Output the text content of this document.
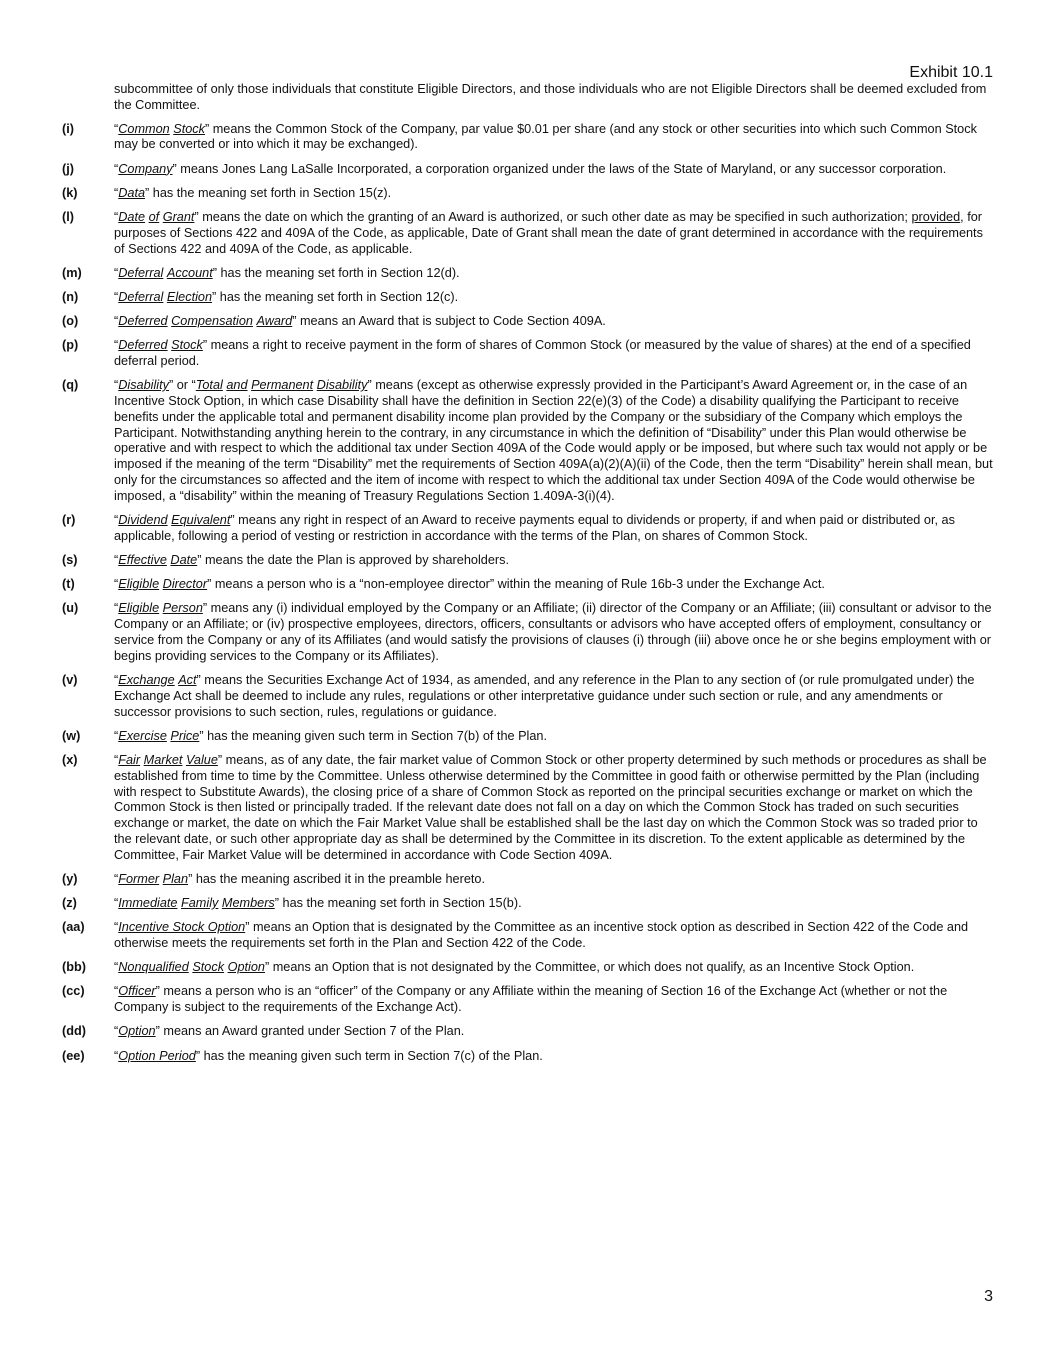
Exhibit 10.1
subcommittee of only those individuals that constitute Eligible Directors, and those individuals who are not Eligible Directors shall be deemed excluded from the Committee.
(i)	“Common Stock” means the Common Stock of the Company, par value $0.01 per share (and any stock or other securities into which such Common Stock may be converted or into which it may be exchanged).
(j)	“Company” means Jones Lang LaSalle Incorporated, a corporation organized under the laws of the State of Maryland, or any successor corporation.
(k)	“Data” has the meaning set forth in Section 15(z).
(l)	“Date of Grant” means the date on which the granting of an Award is authorized, or such other date as may be specified in such authorization; provided, for purposes of Sections 422 and 409A of the Code, as applicable, Date of Grant shall mean the date of grant determined in accordance with the requirements of Sections 422 and 409A of the Code, as applicable.
(m)	“Deferral Account” has the meaning set forth in Section 12(d).
(n)	“Deferral Election” has the meaning set forth in Section 12(c).
(o)	“Deferred Compensation Award” means an Award that is subject to Code Section 409A.
(p)	“Deferred Stock” means a right to receive payment in the form of shares of Common Stock (or measured by the value of shares) at the end of a specified deferral period.
(q)	“Disability” or “Total and Permanent Disability” means (except as otherwise expressly provided in the Participant’s Award Agreement or, in the case of an Incentive Stock Option, in which case Disability shall have the definition in Section 22(e)(3) of the Code) a disability qualifying the Participant to receive benefits under the applicable total and permanent disability income plan provided by the Company or the subsidiary of the Company which employs the Participant. Notwithstanding anything herein to the contrary, in any circumstance in which the definition of “Disability” under this Plan would otherwise be operative and with respect to which the additional tax under Section 409A of the Code would apply or be imposed, but where such tax would not apply or be imposed if the meaning of the term “Disability” met the requirements of Section 409A(a)(2)(A)(ii) of the Code, then the term “Disability” herein shall mean, but only for the circumstances so affected and the item of income with respect to which the additional tax under Section 409A of the Code would otherwise be imposed, a “disability” within the meaning of Treasury Regulations Section 1.409A-3(i)(4).
(r)	“Dividend Equivalent” means any right in respect of an Award to receive payments equal to dividends or property, if and when paid or distributed or, as applicable, following a period of vesting or restriction in accordance with the terms of the Plan, on shares of Common Stock.
(s)	“Effective Date” means the date the Plan is approved by shareholders.
(t)	“Eligible Director” means a person who is a “non-employee director” within the meaning of Rule 16b-3 under the Exchange Act.
(u)	“Eligible Person” means any (i) individual employed by the Company or an Affiliate; (ii) director of the Company or an Affiliate; (iii) consultant or advisor to the Company or an Affiliate; or (iv) prospective employees, directors, officers, consultants or advisors who have accepted offers of employment, consultancy or service from the Company or any of its Affiliates (and would satisfy the provisions of clauses (i) through (iii) above once he or she begins employment with or begins providing services to the Company or its Affiliates).
(v)	“Exchange Act” means the Securities Exchange Act of 1934, as amended, and any reference in the Plan to any section of (or rule promulgated under) the Exchange Act shall be deemed to include any rules, regulations or other interpretative guidance under such section or rule, and any amendments or successor provisions to such section, rules, regulations or guidance.
(w)	“Exercise Price” has the meaning given such term in Section 7(b) of the Plan.
(x)	“Fair Market Value” means, as of any date, the fair market value of Common Stock or other property determined by such methods or procedures as shall be established from time to time by the Committee. Unless otherwise determined by the Committee in good faith or otherwise permitted by the Plan (including with respect to Substitute Awards), the closing price of a share of Common Stock as reported on the principal securities exchange or market on which the Common Stock is then listed or principally traded. If the relevant date does not fall on a day on which the Common Stock has traded on such securities exchange or market, the date on which the Fair Market Value shall be established shall be the last day on which the Common Stock was so traded prior to the relevant date, or such other appropriate day as shall be determined by the Committee in its discretion. To the extent applicable as determined by the Committee, Fair Market Value will be determined in accordance with Code Section 409A.
(y)	“Former Plan” has the meaning ascribed it in the preamble hereto.
(z)	“Immediate Family Members” has the meaning set forth in Section 15(b).
(aa)	“Incentive Stock Option” means an Option that is designated by the Committee as an incentive stock option as described in Section 422 of the Code and otherwise meets the requirements set forth in the Plan and Section 422 of the Code.
(bb)	“Nonqualified Stock Option” means an Option that is not designated by the Committee, or which does not qualify, as an Incentive Stock Option.
(cc)	“Officer” means a person who is an “officer” of the Company or any Affiliate within the meaning of Section 16 of the Exchange Act (whether or not the Company is subject to the requirements of the Exchange Act).
(dd)	“Option” means an Award granted under Section 7 of the Plan.
(ee)	“Option Period” has the meaning given such term in Section 7(c) of the Plan.
3
